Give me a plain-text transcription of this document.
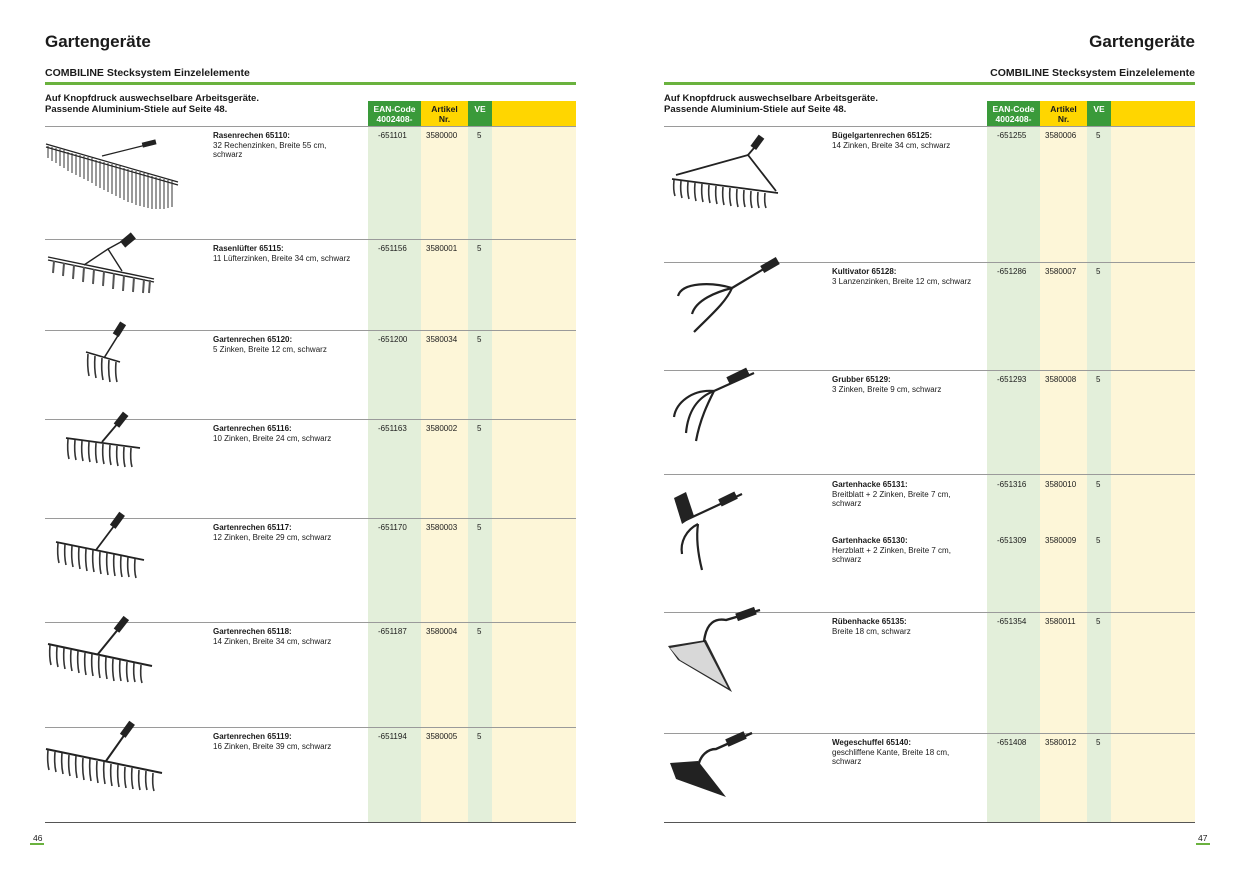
Gartengeräte
COMBILINE Stecksystem Einzelelemente
Auf Knopfdruck auswechselbare Arbeitsgeräte.
Passende Aluminium-Stiele auf Seite 48.	EAN-Code
4002408-
Artikel
Nr.
VE
Rasenrechen 65110:
32 Rechenzinken, Breite 55 cm, schwarz
-651101 3580000 5
Rasenlüfter 65115:
11 Lüfterzinken, Breite 34 cm, schwarz
-651156 3580001 5
Gartenrechen 65120:
5 Zinken, Breite 12 cm, schwarz
-651200 3580034 5
Gartenrechen 65116:
10 Zinken, Breite 24 cm, schwarz
-651163 3580002 5
Gartenrechen 65117:
12 Zinken, Breite 29 cm, schwarz
-651170 3580003 5
Gartenrechen 65118:
14 Zinken, Breite 34 cm, schwarz
-651187 3580004 5
Gartenrechen 65119:
16 Zinken, Breite 39 cm, schwarz
-651194 3580005 5
46
Gartengeräte
COMBILINE Stecksystem Einzelelemente
Auf Knopfdruck auswechselbare Arbeitsgeräte.
Passende Aluminium-Stiele auf Seite 48.	EAN-Code
4002408-
Artikel
Nr.
VE
Bügelgartenrechen 65125:
14 Zinken, Breite 34 cm, schwarz
-651255 3580006 5
Kultivator 65128:
3 Lanzenzinken, Breite 12 cm, schwarz
-651286 3580007 5
Grubber 65129:
3 Zinken, Breite 9 cm, schwarz
-651293 3580008 5
Gartenhacke 65131:
Breitblatt + 2 Zinken, Breite 7 cm, schwarz
-651316 3580010 5
Gartenhacke 65130:
Herzblatt + 2 Zinken, Breite 7 cm, schwarz
-651309 3580009 5
Rübenhacke 65135:
Breite 18 cm, schwarz
-651354 3580011	5
Wegeschuffel 65140:
geschliffene Kante, Breite 18 cm, schwarz
-651408 3580012 5
47
